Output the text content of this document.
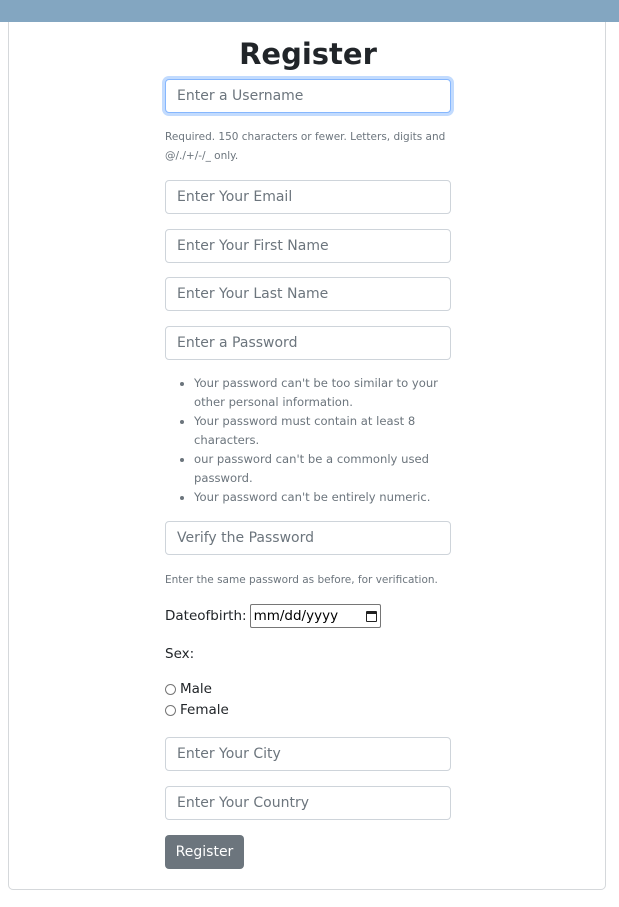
Register
Enter a Username
Required. 150 characters or fewer. Letters, digits and @/./+/-/_ only.
Enter Your Email
Enter Your First Name
Enter Your Last Name
• Your password can't be too similar to your other personal information.
• Your password must contain at least 8 characters.
• our password can't be a commonly used password.
• Your password can't be entirely numeric.
Enter the same password as before, for verification.
Dateofbirth: mm/dd/yyyy
Sex:
Male
Female
Enter Your City
Enter Your Country
Register
